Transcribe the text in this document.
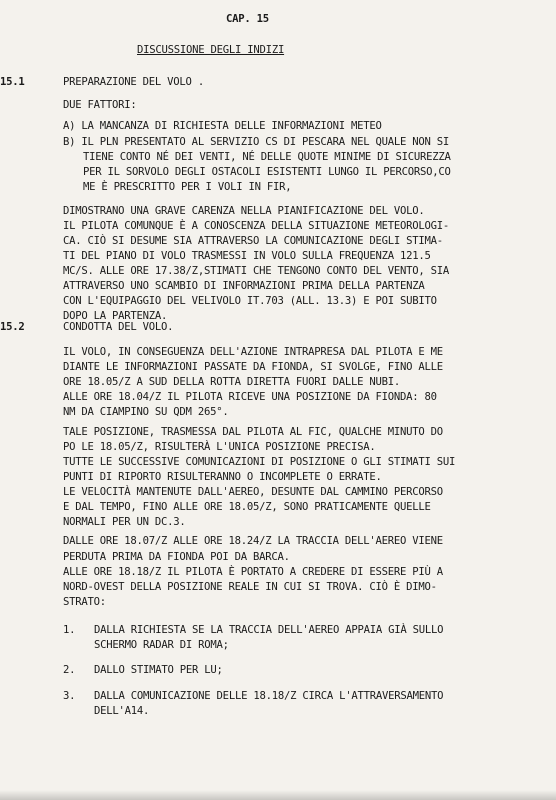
CAP. 15
DISCUSSIONE DEGLI INDIZI
15.1	PREPARAZIONE DEL VOLO .
DUE FATTORI:
A) LA MANCANZA DI RICHIESTA DELLE INFORMAZIONI METEO
B) IL PLN PRESENTATO AL SERVIZIO CS DI PESCARA NEL QUALE NON SI
TIENE CONTO NÉ DEI VENTI, NÉ DELLE QUOTE MINIME DI SICUREZZA
PER IL SORVOLO DEGLI OSTACOLI ESISTENTI LUNGO IL PERCORSO,CO
ME È PRESCRITTO PER I VOLI IN FIR,
DIMOSTRANO UNA GRAVE CARENZA NELLA PIANIFICAZIONE DEL VOLO.
IL PILOTA COMUNQUE È A CONOSCENZA DELLA SITUAZIONE METEOROLOGI-
CA. CIÒ SI DESUME SIA ATTRAVERSO LA COMUNICAZIONE DEGLI STIMA-
TI DEL PIANO DI VOLO TRASMESSI IN VOLO SULLA FREQUENZA 121.5
MC/S. ALLE ORE 17.38/Z,STIMATI CHE TENGONO CONTO DEL VENTO, SIA
ATTRAVERSO UNO SCAMBIO DI INFORMAZIONI PRIMA DELLA PARTENZA
CON L'EQUIPAGGIO DEL VELIVOLO IT.703 (ALL. 13.3) E POI SUBITO
DOPO LA PARTENZA.
15.2	CONDOTTA DEL VOLO.
IL VOLO, IN CONSEGUENZA DELL'AZIONE INTRAPRESA DAL PILOTA E ME
DIANTE LE INFORMAZIONI PASSATE DA FIONDA, SI SVOLGE, FINO ALLE
ORE 18.05/Z A SUD DELLA ROTTA DIRETTA FUORI DALLE NUBI.
ALLE ORE 18.04/Z IL PILOTA RICEVE UNA POSIZIONE DA FIONDA: 80
NM DA CIAMPINO SU QDM 265°.
TALE POSIZIONE, TRASMESSA DAL PILOTA AL FIC, QUALCHE MINUTO DO
PO LE 18.05/Z, RISULTERÀ L'UNICA POSIZIONE PRECISA.
TUTTE LE SUCCESSIVE COMUNICAZIONI DI POSIZIONE O GLI STIMATI SUI
PUNTI DI RIPORTO RISULTERANNO O INCOMPLETE O ERRATE.
LE VELOCITÀ MANTENUTE DALL'AEREO, DESUNTE DAL CAMMINO PERCORSO
E DAL TEMPO, FINO ALLE ORE 18.05/Z, SONO PRATICAMENTE QUELLE
NORMALI PER UN DC.3.
DALLE ORE 18.07/Z ALLE ORE 18.24/Z LA TRACCIA DELL'AEREO VIENE
PERDUTA PRIMA DA FIONDA POI DA BARCA.
ALLE ORE 18.18/Z IL PILOTA È PORTATO A CREDERE DI ESSERE PIÙ A
NORD-OVEST DELLA POSIZIONE REALE IN CUI SI TROVA. CIÒ È DIMO-
STRATO:
1. DALLA RICHIESTA SE LA TRACCIA DELL'AEREO APPAIA GIÀ SULLO
SCHERMO RADAR DI ROMA;
2. DALLO STIMATO PER LU;
3. DALLA COMUNICAZIONE DELLE 18.18/Z CIRCA L'ATTRAVERSAMENTO
DELL'A14.
